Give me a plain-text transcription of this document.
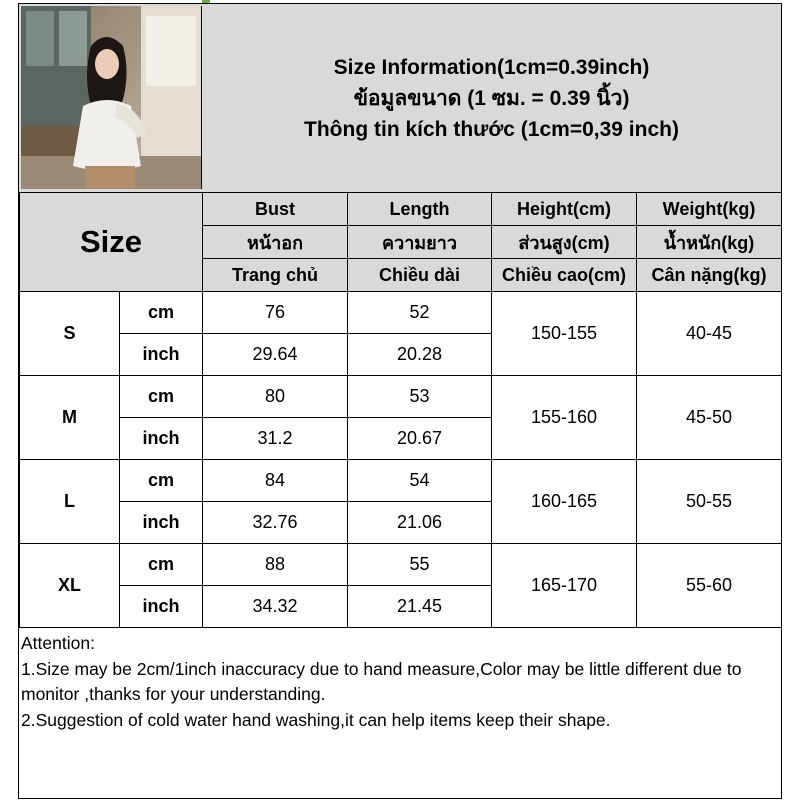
Size Information(1cm=0.39inch)
ข้อมูลขนาด (1 ซม. = 0.39 นิ้ว)
Thông tin kích thước (1cm=0,39 inch)
Size		Bust	Length	Height(cm)	Weight(kg)
		หน้าอก	ความยาว	ส่วนสูง(cm)	น้ำหนัก(kg)
		Trang chủ	Chiều dài	Chiều cao(cm)	Cân nặng(kg)
S	cm	76	52	150-155	40-45
	inch	29.64	20.28		
M	cm	80	53	155-160	45-50
	inch	31.2	20.67		
L	cm	84	54	160-165	50-55
	inch	32.76	21.06		
XL	cm	88	55	165-170	55-60
	inch	34.32	21.45		
Attention:
1.Size may be 2cm/1inch inaccuracy due to hand measure,Color may be little different due to monitor ,thanks for your understanding.
2.Suggestion of cold water hand washing,it can help items keep their shape.
